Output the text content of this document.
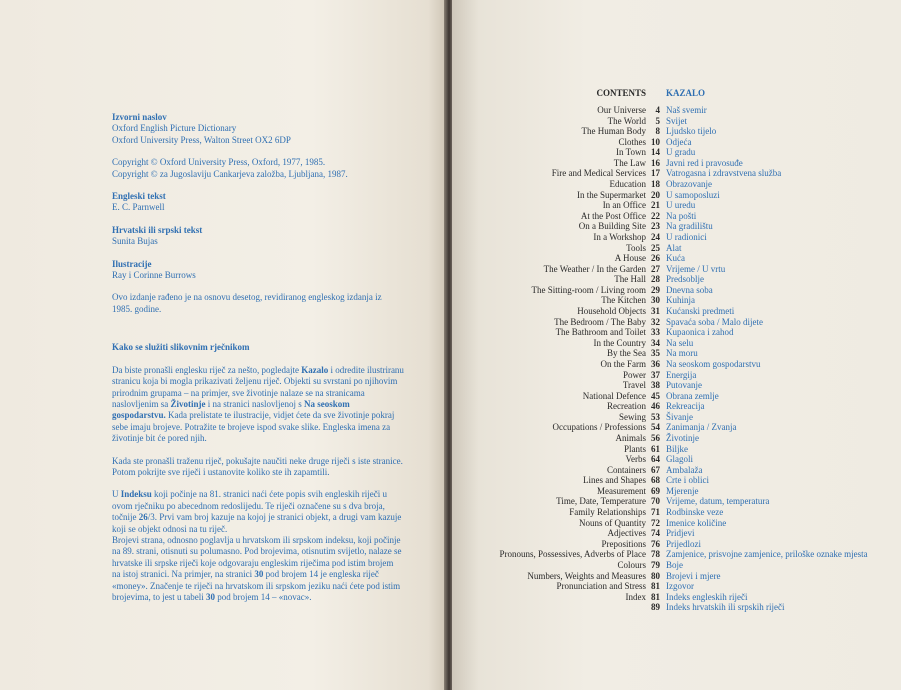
Izvorni naslov

Oxford English Picture Dictionary

Oxford University Press, Walton Street OX2 6DP

Copyright © Oxford University Press, Oxford, 1977, 1985.

Copyright © za Jugoslaviju Cankarjeva založba, Ljubljana, 1987.

Engleski tekst

E. C. Parnwell

Hrvatski ili srpski tekst

Sunita Bujas

Ilustracije

Ray i Corinne Burrows

Ovo izdanje rađeno je na osnovu desetog, revidiranog engleskog izdanja iz 1985. godine.

Kako se služiti slikovnim rječnikom

Da biste pronašli englesku riječ za nešto, pogledajte Kazalo i odredite ilustriranu stranicu koja bi mogla prikazivati željenu riječ. Objekti su svrstani po njihovim prirodnim grupama – na primjer, sve životinje nalaze se na stranicama naslovljenim sa Životinje i na stranici naslovljenoj s Na seoskom gospodarstvu. Kada prelistate te ilustracije, vidjet ćete da sve životinje pokraj sebe imaju brojeve. Potražite te brojeve ispod svake slike. Engleska imena za životinje bit će pored njih.

Kada ste pronašli traženu riječ, pokušajte naučiti neke druge riječi s iste stranice. Potom pokrijte sve riječi i ustanovite koliko ste ih zapamtili.

U Indeksu koji počinje na 81. stranici naći ćete popis svih engleskih riječi u ovom rječniku po abecednom redoslijedu. Te riječi označene su s dva broja, točnije 26/3. Prvi vam broj kazuje na kojoj je stranici objekt, a drugi vam kazuje koji se objekt odnosi na tu riječ.

Brojevi strana, odnosno poglavlja u hrvatskom ili srpskom indeksu, koji počinje na 89. strani, otisnuti su polumasno. Pod brojevima, otisnutim svijetlo, nalaze se hrvatske ili srpske riječi koje odgovaraju engleskim riječima pod istim brojem na istoj stranici. Na primjer, na stranici 30 pod brojem 14 je engleska riječ «money». Značenje te riječi na hrvatskom ili srpskom jeziku naći ćete pod istim brojevima, to jest u tabeli 30 pod brojem 14 – «novac».

CONTENTS KAZALO
Our Universe	4 Naš svemir
The World	5 Svijet
The Human Body	8 Ljudsko tijelo
Clothes 10 Odjeća
In Town 14 U gradu
The Law 16 Javni red i pravosuđe
Fire and Medical Services 17 Vatrogasna i zdravstvena služba
Education 18 Obrazovanje
In the Supermarket 20 U samoposluzi
In an Office 21 U uredu
At the Post Office 22 Na pošti
On a Building Site 23 Na gradilištu
In a Workshop 24 U radionici
Tools 25 Alat
A House 26 Kuća
The Weather / In the Garden 27 Vrijeme / U vrtu
The Hall 28 Predsoblje
The Sitting-room / Living room 29 Dnevna soba
The Kitchen 30 Kuhinja
Household Objects 31 Kućanski predmeti
The Bedroom / The Baby 32 Spavaća soba / Malo dijete
The Bathroom and Toilet 33 Kupaonica i zahod
In the Country 34 Na selu
By the Sea 35 Na moru
On the Farm 36 Na seoskom gospodarstvu
Power 37 Energija
Travel 38 Putovanje
National Defence 45 Obrana zemlje
Recreation 46 Rekreacija
Sewing 53 Šivanje
Occupations / Professions 54 Zanimanja / Zvanja
Animals 56 Životinje
Plants 61 Biljke
Verbs 64 Glagoli
Containers 67 Ambalaža
Lines and Shapes 68 Crte i oblici
Measurement 69 Mjerenje
Time, Date, Temperature 70 Vrijeme, datum, temperatura
Family Relationships 71 Rodbinske veze
Nouns of Quantity 72 Imenice količine
Adjectives 74 Pridjevi
Prepositions 76 Prijedlozi
Pronouns, Possessives, Adverbs of Place 78 Zamjenice, prisvojne zamjenice, priloške oznake mjesta
Colours 79 Boje
Numbers, Weights and Measures 80 Brojevi i mjere
Pronunciation and Stress 81 Izgovor
Index 81 Indeks engleskih riječi
89 Indeks hrvatskih ili srpskih riječi
